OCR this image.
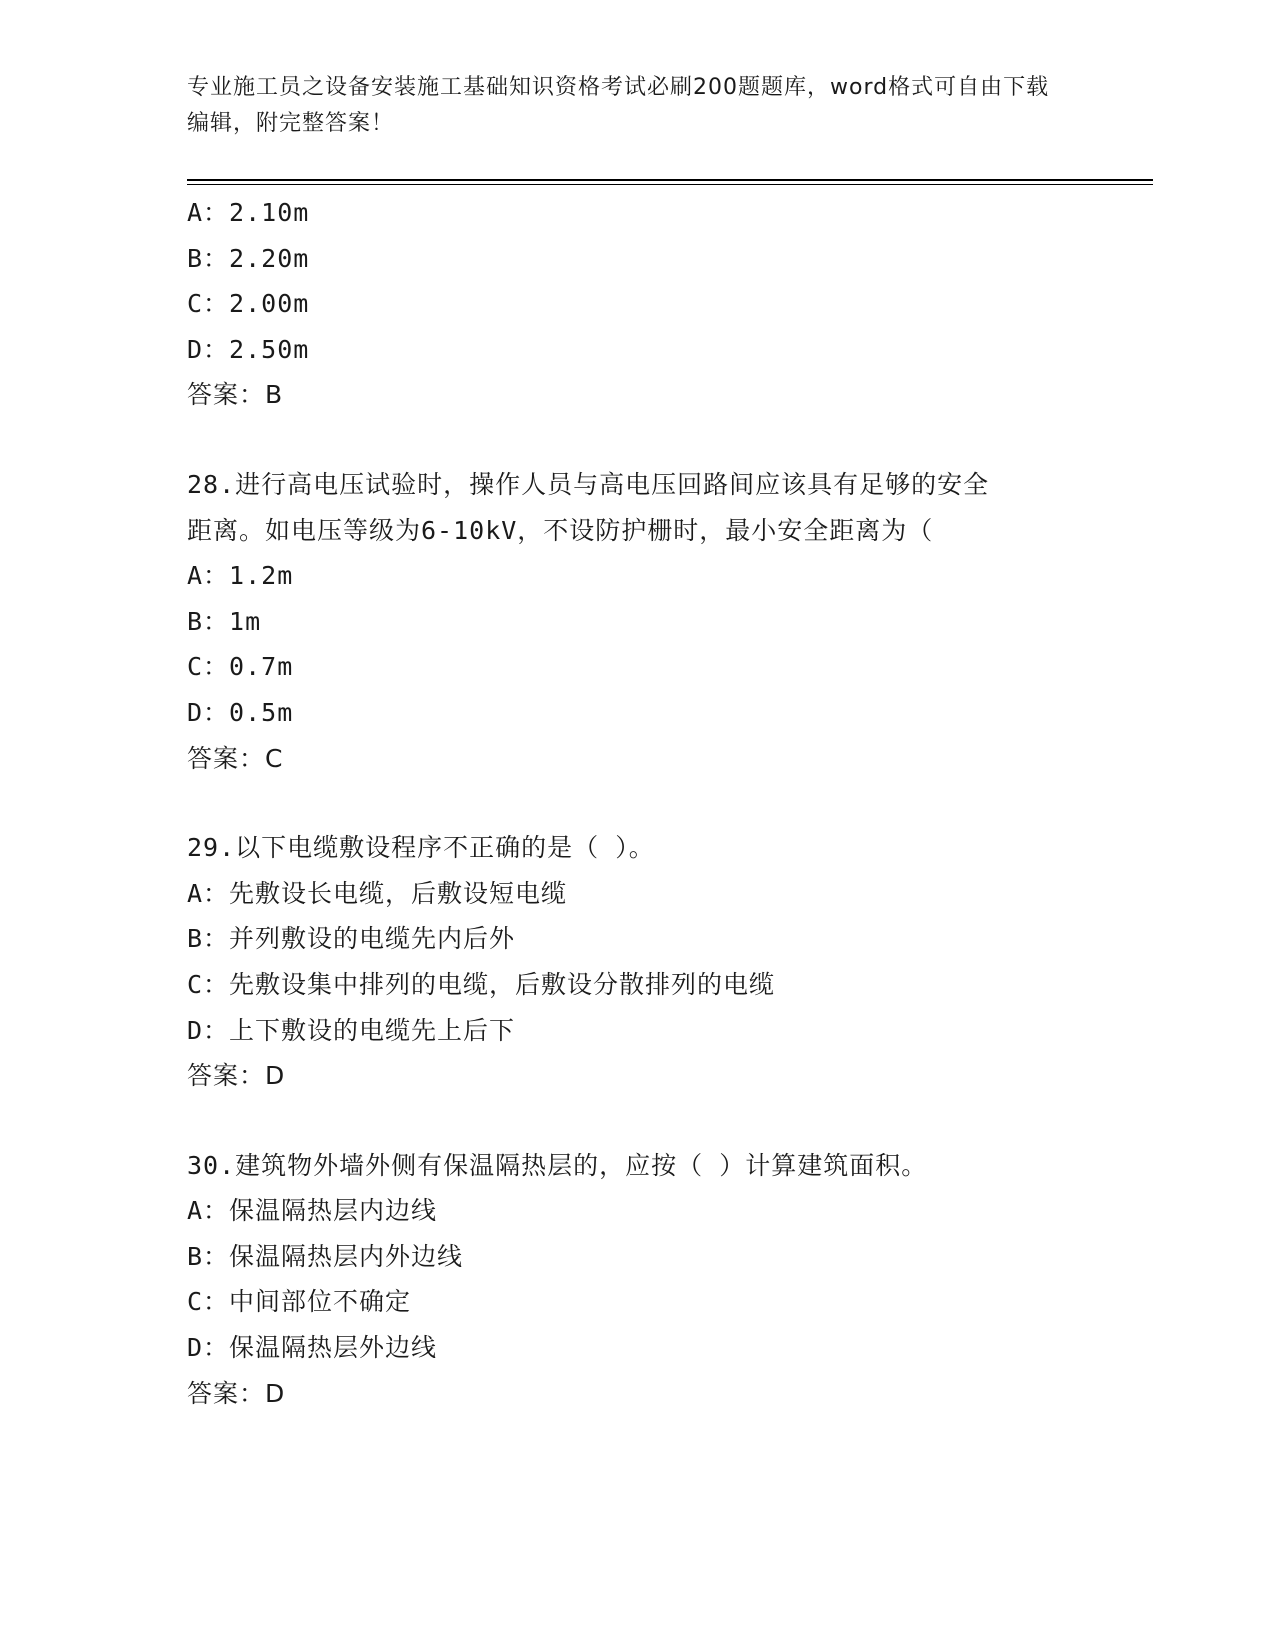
专业施工员之设备安装施工基础知识资格考试必刷200题题库，word格式可自由下载编辑，附完整答案！
A：2.10m
B：2.20m
C：2.00m
D：2.50m
答案：B
28.进行高电压试验时，操作人员与高电压回路间应该具有足够的安全
距离。如电压等级为6-10kV，不设防护栅时，最小安全距离为（
A：1.2m
B：1m
C：0.7m
D：0.5m
答案：C
29.以下电缆敷设程序不正确的是（ ）。
A：先敷设长电缆，后敷设短电缆
B：并列敷设的电缆先内后外
C：先敷设集中排列的电缆，后敷设分散排列的电缆
D：上下敷设的电缆先上后下
答案：D
30.建筑物外墙外侧有保温隔热层的，应按（ ）计算建筑面积。
A：保温隔热层内边线
B：保温隔热层内外边线
C：中间部位不确定
D：保温隔热层外边线
答案：D
